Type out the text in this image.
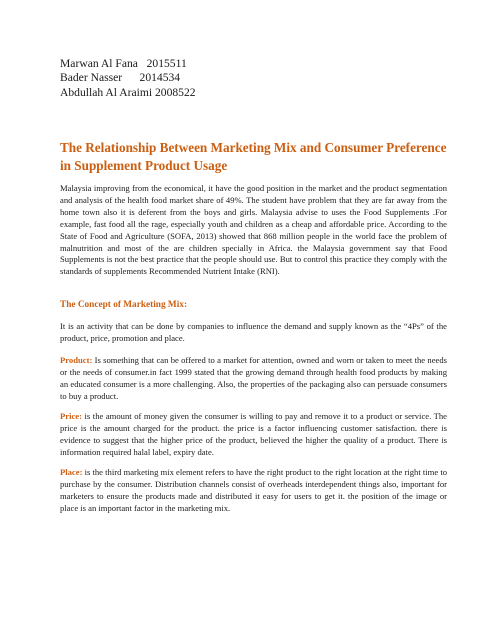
Marwan Al Fana   2015511
Bader Nasser      2014534
Abdullah Al Araimi 2008522
The Relationship Between Marketing Mix and Consumer Preference in Supplement Product Usage
Malaysia improving from the economical, it have the good position in the market and the product segmentation and analysis of the health food market share of 49%. The student have problem that they are far away from the home town also it is deferent from the boys and girls. Malaysia advise to uses the Food Supplements .For example, fast food all the rage, especially youth and children as a cheap and affordable price. According to the State of Food and Agriculture (SOFA, 2013) showed that 868 million people in the world face the problem of malnutrition and most of the are children specially in Africa. the Malaysia government say that Food Supplements is not the best practice that the people should use. But to control this practice they comply with the standards of supplements Recommended Nutrient Intake (RNI).
The Concept of Marketing Mix:
It is an activity that can be done by companies to influence the demand and supply known as the “4Ps” of the product, price, promotion and place.
Product: Is something that can be offered to a market for attention, owned and worn or taken to meet the needs or the needs of consumer.in fact 1999 stated that the growing demand through health food products by making an educated consumer is a more challenging. Also, the properties of the packaging also can persuade consumers to buy a product.
Price: is the amount of money given the consumer is willing to pay and remove it to a product or service. The price is the amount charged for the product. the price is a factor influencing customer satisfaction. there is evidence to suggest that the higher price of the product, believed the higher the quality of a product. There is information required halal label, expiry date.
Place: is the third marketing mix element refers to have the right product to the right location at the right time to purchase by the consumer. Distribution channels consist of overheads interdependent things also, important for marketers to ensure the products made and distributed it easy for users to get it. the position of the image or place is an important factor in the marketing mix.
